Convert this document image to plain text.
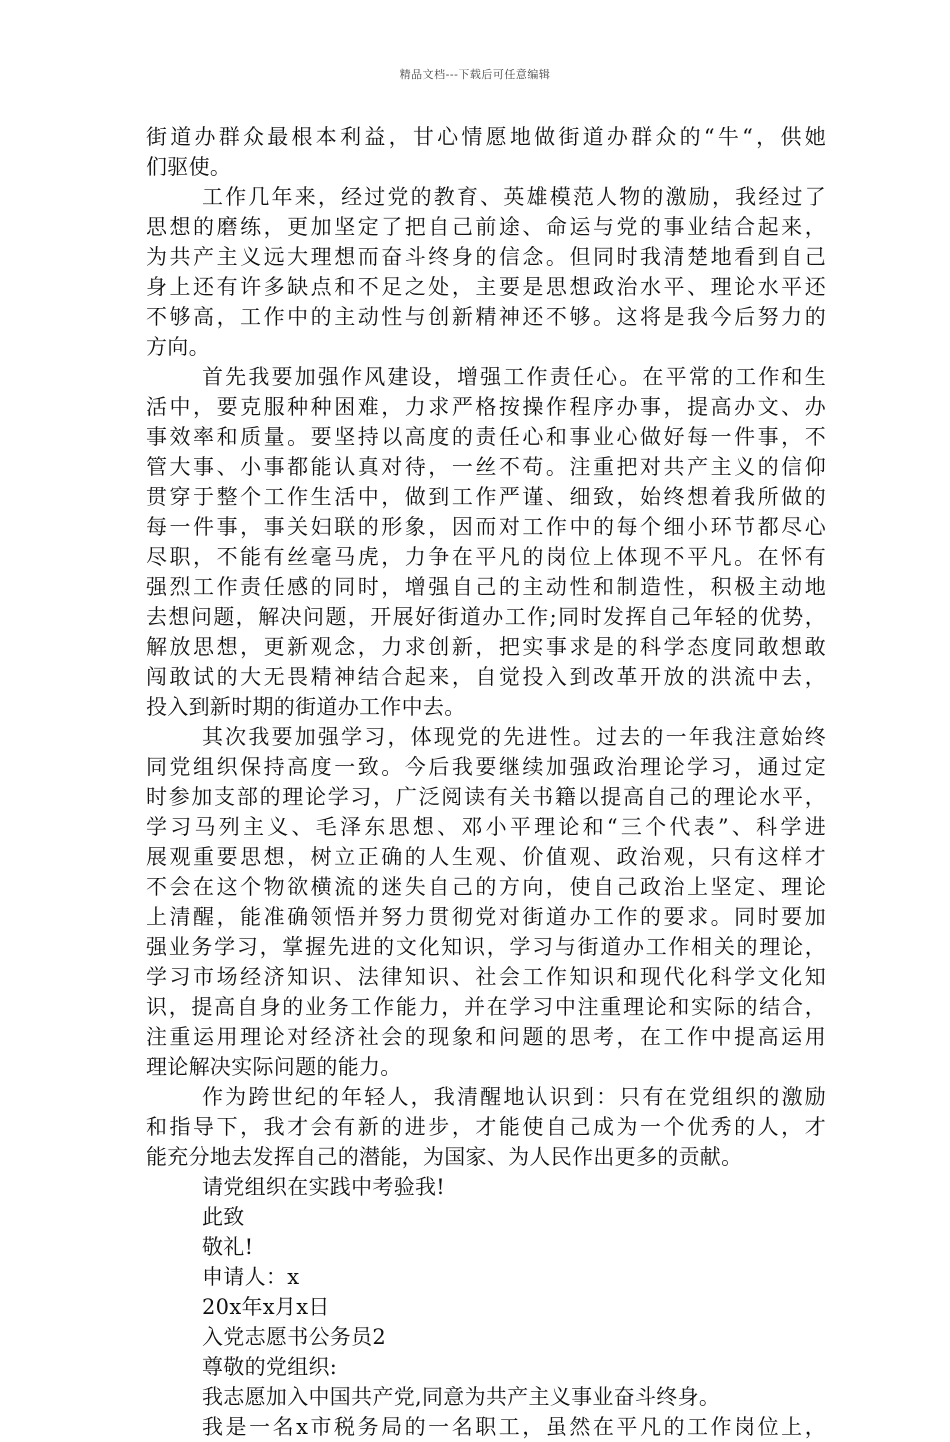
精品文档---下载后可任意编辑
街道办群众最根本利益，甘心情愿地做街道办群众的“牛“，供她
们驱使。
工作几年来，经过党的教育、英雄模范人物的激励，我经过了
思想的磨练，更加坚定了把自己前途、命运与党的事业结合起来，
为共产主义远大理想而奋斗终身的信念。但同时我清楚地看到自己
身上还有许多缺点和不足之处，主要是思想政治水平、理论水平还
不够高，工作中的主动性与创新精神还不够。这将是我今后努力的
方向。
首先我要加强作风建设，增强工作责任心。在平常的工作和生
活中，要克服种种困难，力求严格按操作程序办事，提高办文、办
事效率和质量。要坚持以高度的责任心和事业心做好每一件事，不
管大事、小事都能认真对待，一丝不苟。注重把对共产主义的信仰
贯穿于整个工作生活中，做到工作严谨、细致，始终想着我所做的
每一件事，事关妇联的形象，因而对工作中的每个细小环节都尽心
尽职，不能有丝毫马虎，力争在平凡的岗位上体现不平凡。在怀有
强烈工作责任感的同时，增强自己的主动性和制造性，积极主动地
去想问题，解决问题，开展好街道办工作;同时发挥自己年轻的优势，
解放思想，更新观念，力求创新，把实事求是的科学态度同敢想敢
闯敢试的大无畏精神结合起来，自觉投入到改革开放的洪流中去，
投入到新时期的街道办工作中去。
其次我要加强学习，体现党的先进性。过去的一年我注意始终
同党组织保持高度一致。今后我要继续加强政治理论学习，通过定
时参加支部的理论学习，广泛阅读有关书籍以提高自己的理论水平，
学习马列主义、毛泽东思想、邓小平理论和“三个代表”、科学进
展观重要思想，树立正确的人生观、价值观、政治观，只有这样才
不会在这个物欲横流的迷失自己的方向，使自己政治上坚定、理论
上清醒，能准确领悟并努力贯彻党对街道办工作的要求。同时要加
强业务学习，掌握先进的文化知识，学习与街道办工作相关的理论，
学习市场经济知识、法律知识、社会工作知识和现代化科学文化知
识，提高自身的业务工作能力，并在学习中注重理论和实际的结合，
注重运用理论对经济社会的现象和问题的思考，在工作中提高运用
理论解决实际问题的能力。
作为跨世纪的年轻人，我清醒地认识到：只有在党组织的激励
和指导下，我才会有新的进步，才能使自己成为一个优秀的人，才
能充分地去发挥自己的潜能，为国家、为人民作出更多的贡献。
请党组织在实践中考验我!
此致
敬礼!
申请人：x
20x年x月x日
入党志愿书公务员2
尊敬的党组织:
我志愿加入中国共产党,同意为共产主义事业奋斗终身。
我是一名x市税务局的一名职工，虽然在平凡的工作岗位上，
